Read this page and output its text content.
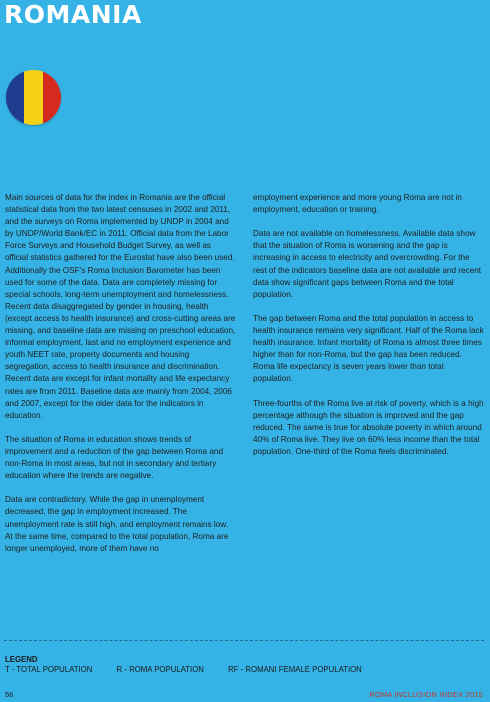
ROMANIA

Main sources of data for the index in Romania are the official statistical data from the two latest censuses in 2002 and 2011, and the surveys on Roma implemented by UNDP in 2004 and by UNDP/World Bank/EC in 2011. Official data from the Labor Force Surveys and Household Budget Survey, as well as official statistics gathered for the Eurostat have also been used. Additionally the OSF's Roma Inclusion Barometer has been used for some of the data. Data are completely missing for special schools, long-term unemployment and homelessness. Recent data disaggregated by gender in housing, health (except access to health insurance) and cross-cutting areas are missing, and baseline data are missing on preschool education, informal employment, last and no employment experience and youth NEET rate, property documents and housing segregation, access to health insurance and discrimination. Recent data are except for infant mortality and life expectancy rates are from 2011. Baseline data are mainly from 2004, 2006 and 2007, except for the older data for the indicators in education.

The situation of Roma in education shows trends of improvement and a reduction of the gap between Roma and non-Roma in most areas, but not in secondary and tertiary education where the trends are negative.

Data are contradictory. While the gap in unemployment decreased, the gap in employment increased. The unemployment rate is still high, and employment remains low. At the same time, compared to the total population, Roma are longer unemployed, more of them have no

employment experience and more young Roma are not in employment, education or training.

Data are not available on homelessness. Available data show that the situation of Roma is worsening and the gap is increasing in access to electricity and overcrowding. For the rest of the indicators baseline data are not available and recent data show significant gaps between Roma and the total population.

The gap between Roma and the total population in access to health insurance remains very significant. Half of the Roma lack health insurance. Infant mortality of Roma is almost three times higher than for non-Roma, but the gap has been reduced. Roma life expectancy is seven years lower than total population.

Three-fourths of the Roma live at risk of poverty, which is a high percentage although the situation is improved and the gap reduced. The same is true for absolute poverty in which around 40% of Roma live. They live on 60% less income than the total population. One-third of the Roma feels discriminated.

LEGEND
T - TOTAL POPULATION	R - ROMA POPULATION	RF - ROMANI FEMALE POPULATION
56	ROMA INCLUSION INDEX 2015
